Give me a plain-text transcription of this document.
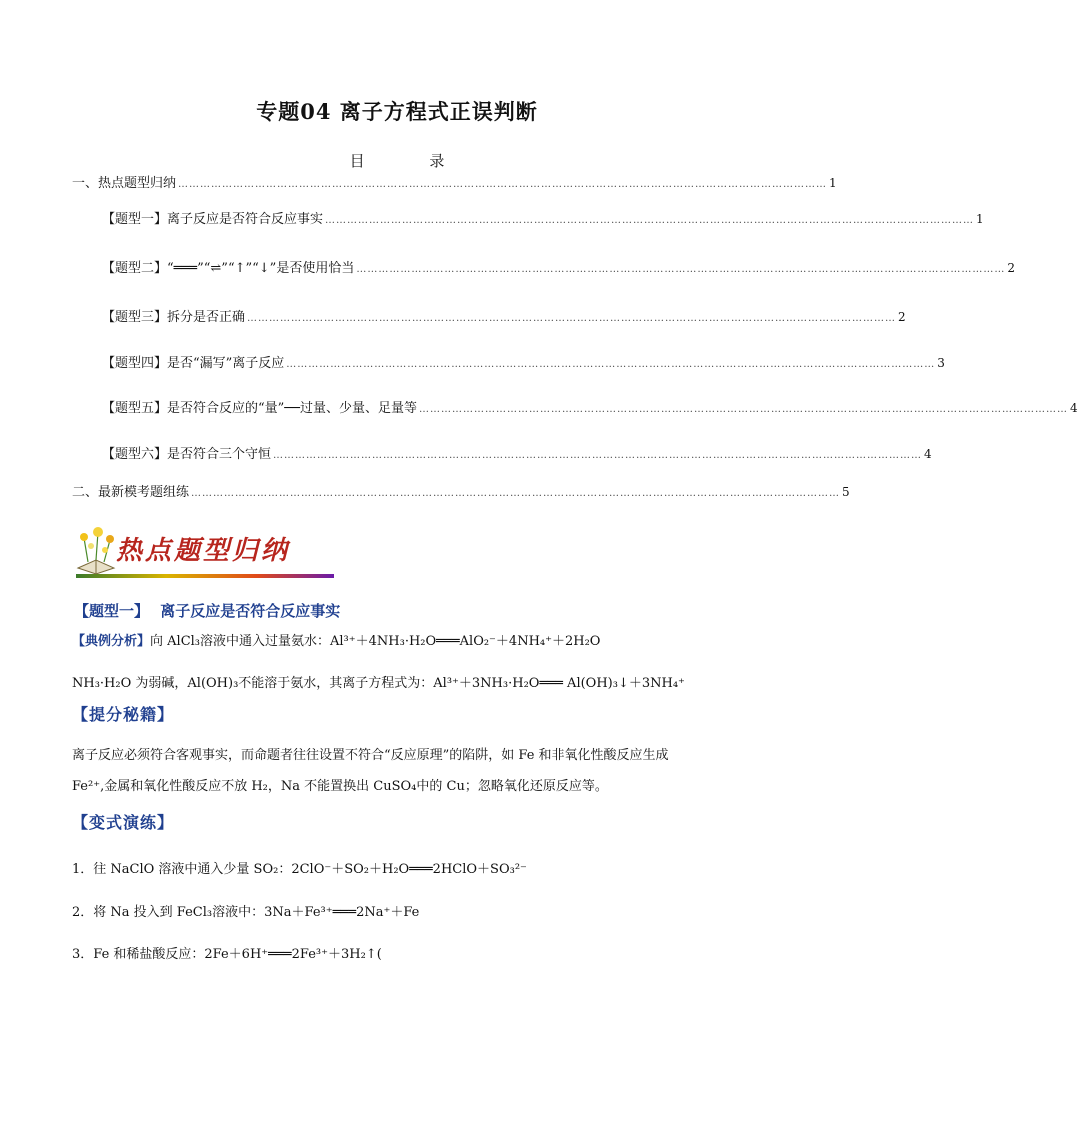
专题04 离子方程式正误判断
目	录
一、热点题型归纳 …………………………………………………………………………………………………………………………………………………………… 1
【题型一】离子反应是否符合反应事实 …………………………………………………………………………………………………………………………………………………………… 1
【题型二】“═══”“⇌”“↑”“↓”是否使用恰当 …………………………………………………………………………………………………………………………………………………………… 2
【题型三】拆分是否正确 …………………………………………………………………………………………………………………………………………………………… 2
【题型四】是否“漏写”离子反应 …………………………………………………………………………………………………………………………………………………………… 3
【题型五】是否符合反应的“量”──过量、少量、足量等 …………………………………………………………………………………………………………………………………………………………… 4
【题型六】是否符合三个守恒 …………………………………………………………………………………………………………………………………………………………… 4
二、最新模考题组练 …………………………………………………………………………………………………………………………………………………………… 5
热点题型归纳
【题型一】 离子反应是否符合反应事实
【典例分析】向 AlCl₃溶液中通入过量氨水：Al³⁺＋4NH₃·H₂O═══AlO₂⁻＋4NH₄⁺＋2H₂O
NH₃·H₂O 为弱碱，Al(OH)₃不能溶于氨水，其离子方程式为：Al³⁺＋3NH₃·H₂O═══ Al(OH)₃↓＋3NH₄⁺
【提分秘籍】
离子反应必须符合客观事实，而命题者往往设置不符合“反应原理”的陷阱，如 Fe 和非氧化性酸反应生成
Fe²⁺,金属和氧化性酸反应不放 H₂，Na 不能置换出 CuSO₄中的 Cu；忽略氧化还原反应等。
【变式演练】
1．往 NaClO 溶液中通入少量 SO₂：2ClO⁻＋SO₂＋H₂O═══2HClO＋SO₃²⁻
2．将 Na 投入到 FeCl₃溶液中：3Na＋Fe³⁺═══2Na⁺＋Fe
3．Fe 和稀盐酸反应：2Fe＋6H⁺═══2Fe³⁺＋3H₂↑(
